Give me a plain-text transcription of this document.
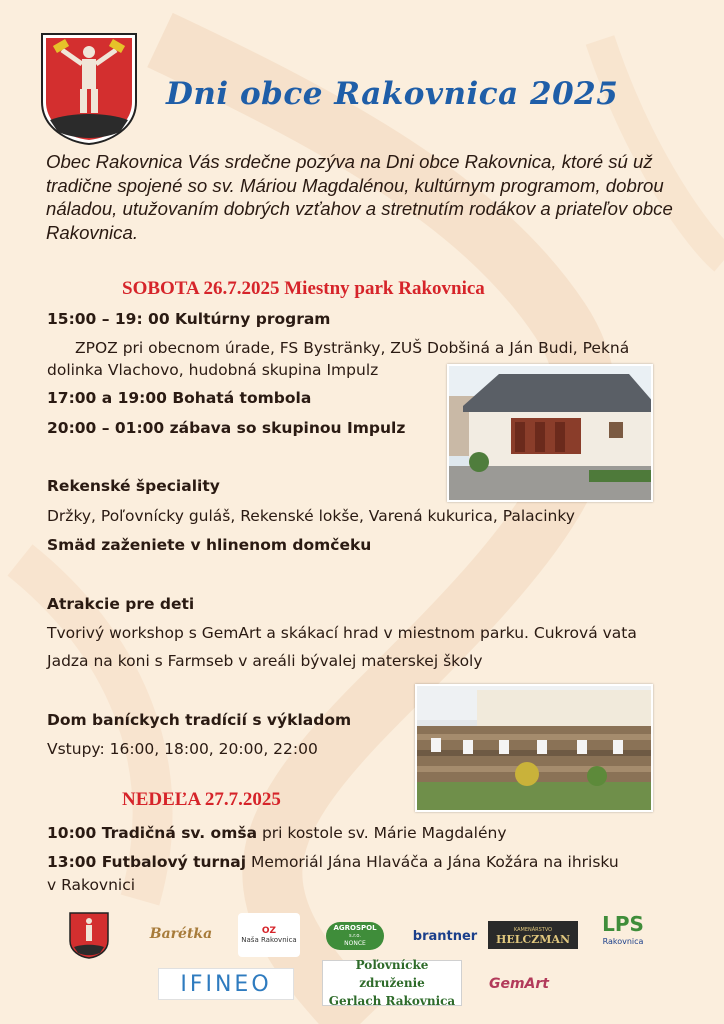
Dni obce Rakovnica 2025
Obec Rakovnica Vás srdečne pozýva na Dni obce Rakovnica, ktoré sú už tradične spojené so sv. Máriou Magdalénou, kultúrnym programom, dobrou náladou, utužovaním dobrých vzťahov a stretnutím rodákov a priateľov obce Rakovnica.
SOBOTA 26.7.2025 Miestny park Rakovnica
15:00 – 19: 00 Kultúrny program
ZPOZ pri obecnom úrade, FS Bystränky, ZUŠ Dobšiná a Ján Budi, Pekná
dolinka Vlachovo, hudobná skupina Impulz
17:00 a 19:00 Bohatá tombola
20:00 – 01:00 zábava so skupinou Impulz
Rekenské špeciality
Držky, Poľovnícky guláš, Rekenské lokše, Varená kukurica, Palacinky
Smäd zaženiete v hlinenom domčeku
Atrakcie pre deti
Tvorivý workshop s GemArt a skákací hrad v miestnom parku. Cukrová vata
Jadza na koni s Farmseb v areáli bývalej materskej školy
Dom baníckych tradícií s výkladom
Vstupy: 16:00, 18:00, 20:00, 22:00
NEDEĽA 27.7.2025
10:00 Tradičná sv. omša pri kostole sv. Márie Magdalény
13:00 Futbalový turnaj Memoriál Jána Hlaváča a Jána Kožára na ihrisku
v Rakovnici
Barétka	OZ
Naša Rakovnica
AGROSPOL
s.r.o.
NONCE	brantner	KAMENÁRSTVO
HELCZMAN
LPS
Rakovnica
IFINEO
Poľovnícke združenie
Gerlach Rakovnica
GemArt
